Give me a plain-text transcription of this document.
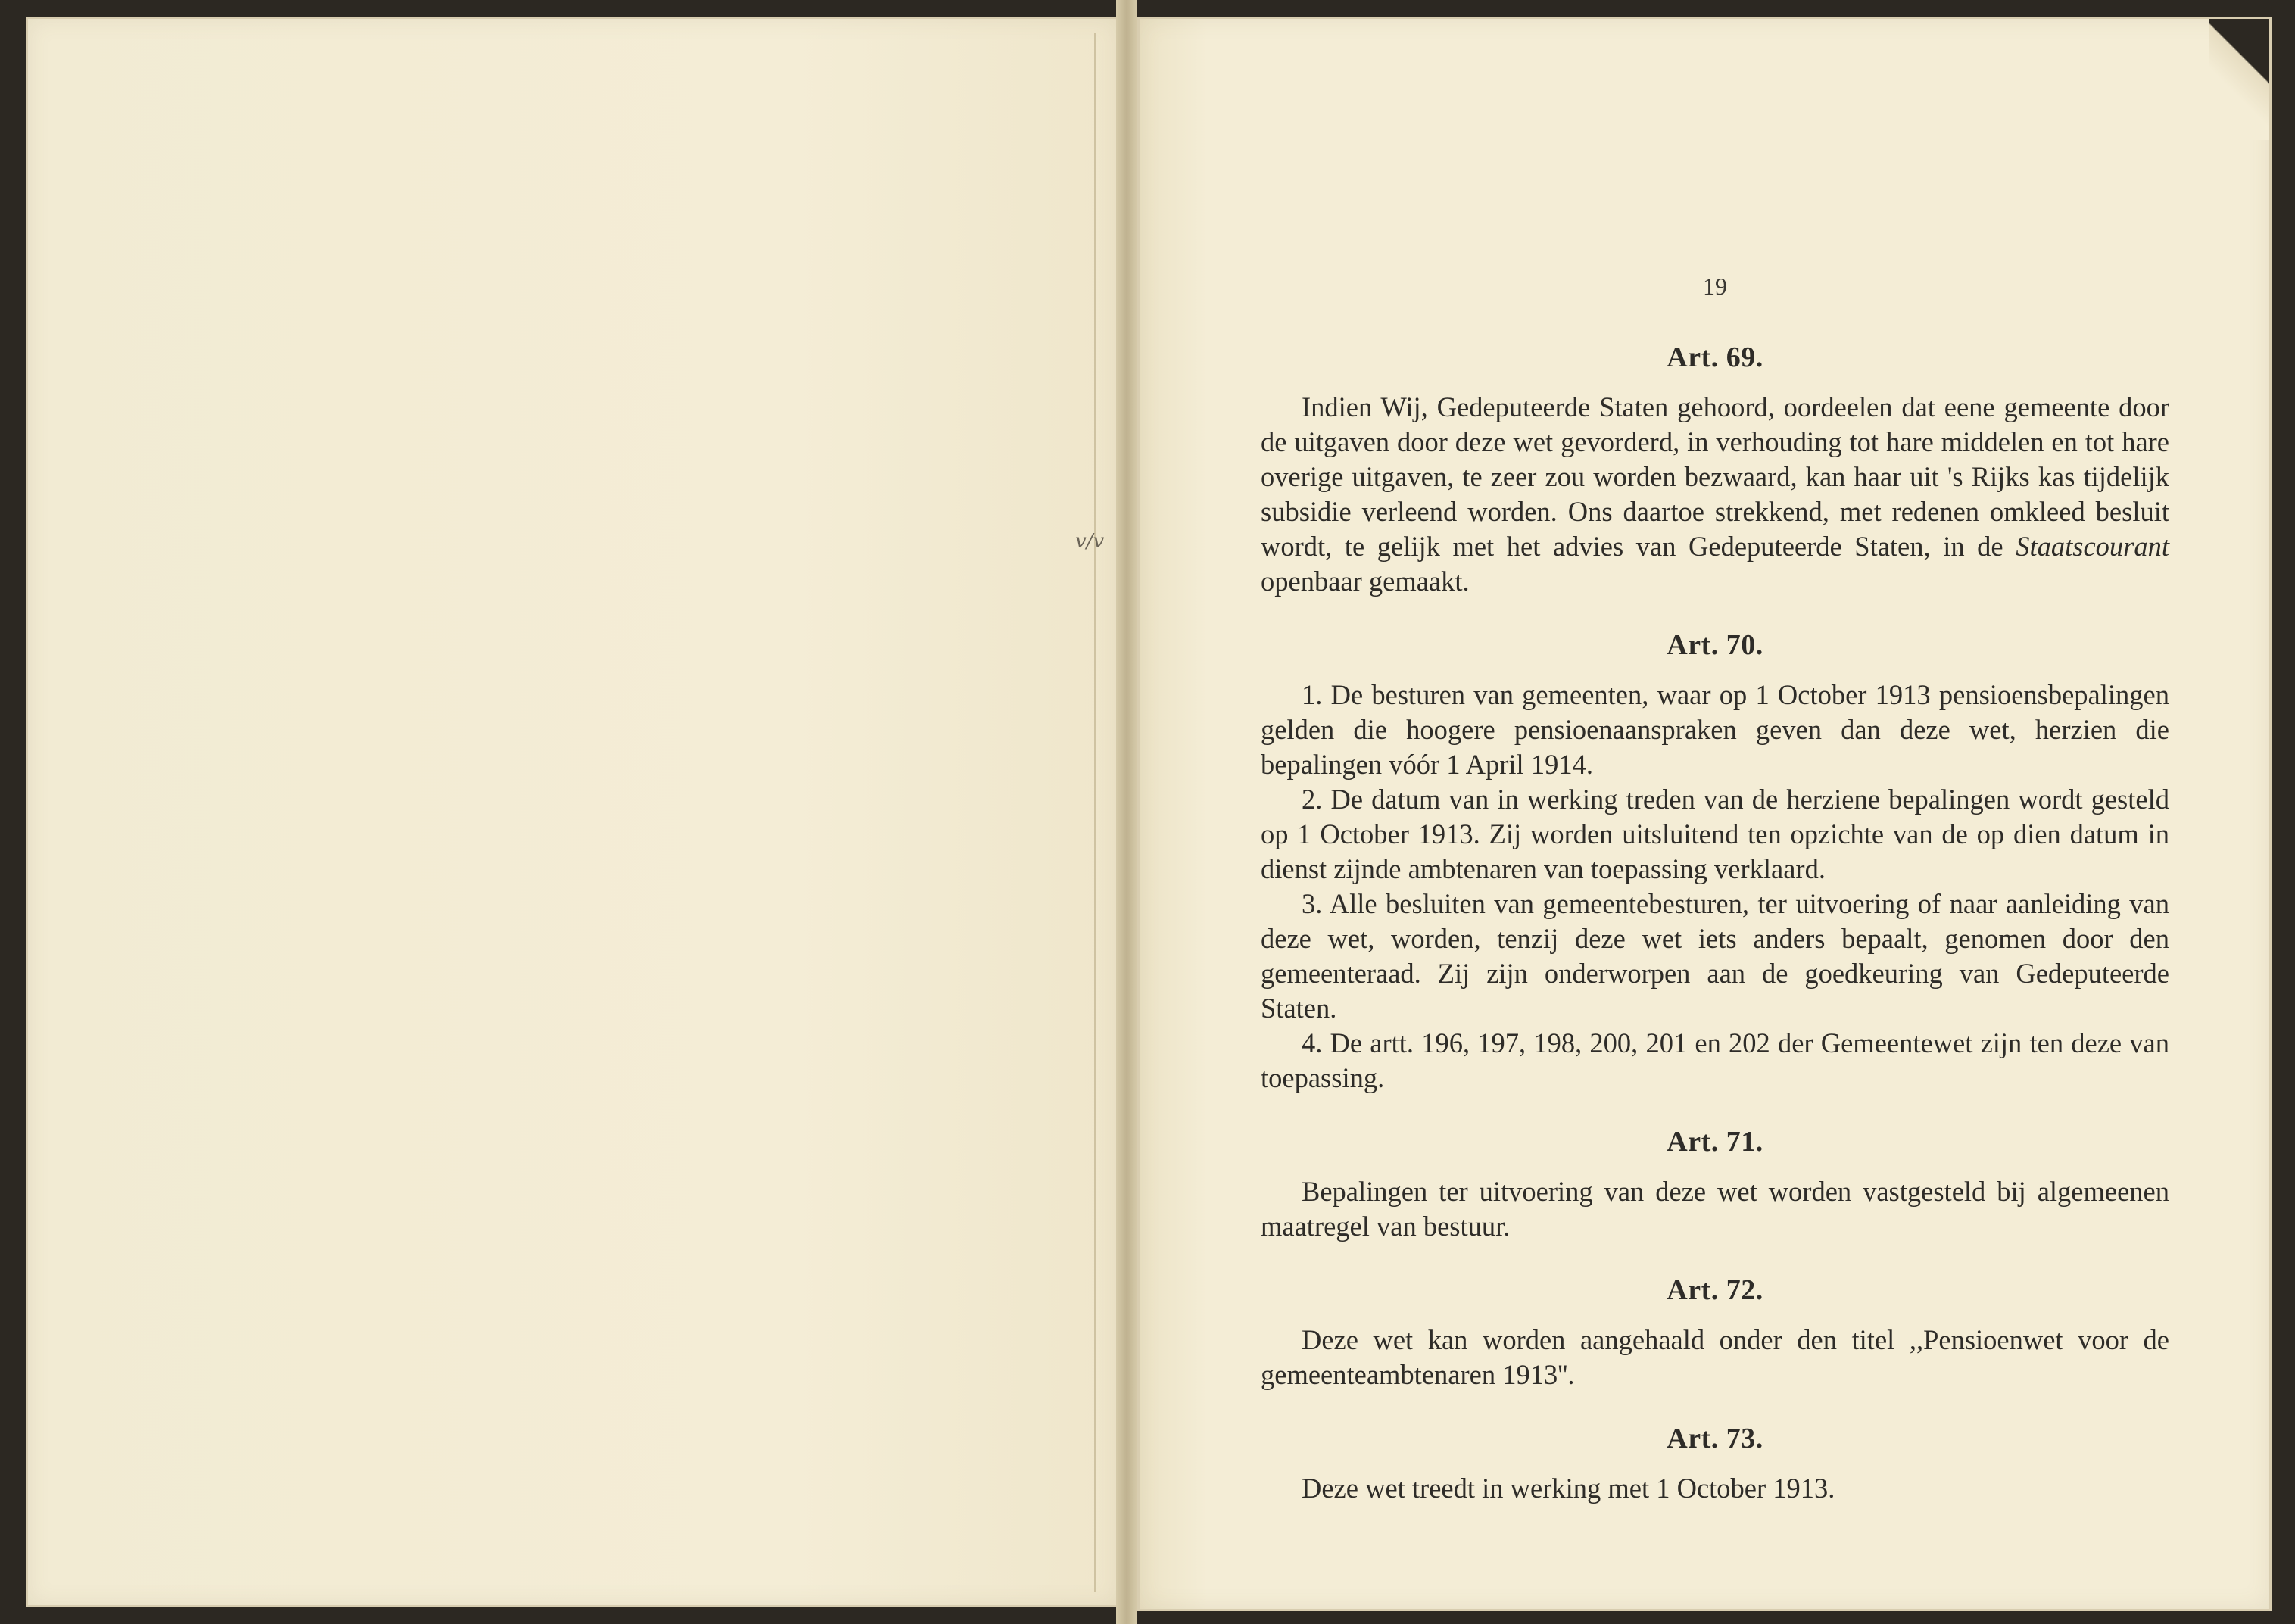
v/v
19
Art. 69.

Indien Wij, Gedeputeerde Staten gehoord, oordeelen dat eene gemeente door de uitgaven door deze wet gevorderd, in verhouding tot hare middelen en tot hare overige uitgaven, te zeer zou worden bezwaard, kan haar uit 's Rijks kas tijdelijk subsidie verleend worden. Ons daartoe strekkend, met redenen omkleed besluit wordt, te gelijk met het advies van Gedeputeerde Staten, in de Staatscourant openbaar gemaakt.

Art. 70.

1. De besturen van gemeenten, waar op 1 October 1913 pensioensbepalingen gelden die hoogere pensioenaanspraken geven dan deze wet, herzien die bepalingen vóór 1 April 1914.

2. De datum van in werking treden van de herziene bepalingen wordt gesteld op 1 October 1913. Zij worden uitsluitend ten opzichte van de op dien datum in dienst zijnde ambtenaren van toepassing verklaard.

3. Alle besluiten van gemeentebesturen, ter uitvoering of naar aanleiding van deze wet, worden, tenzij deze wet iets anders bepaalt, genomen door den gemeenteraad. Zij zijn onderworpen aan de goedkeuring van Gedeputeerde Staten.

4. De artt. 196, 197, 198, 200, 201 en 202 der Gemeentewet zijn ten deze van toepassing.

Art. 71.

Bepalingen ter uitvoering van deze wet worden vastgesteld bij algemeenen maatregel van bestuur.

Art. 72.

Deze wet kan worden aangehaald onder den titel ,,Pensioenwet voor de gemeenteambtenaren 1913''.

Art. 73.

Deze wet treedt in werking met 1 October 1913.
